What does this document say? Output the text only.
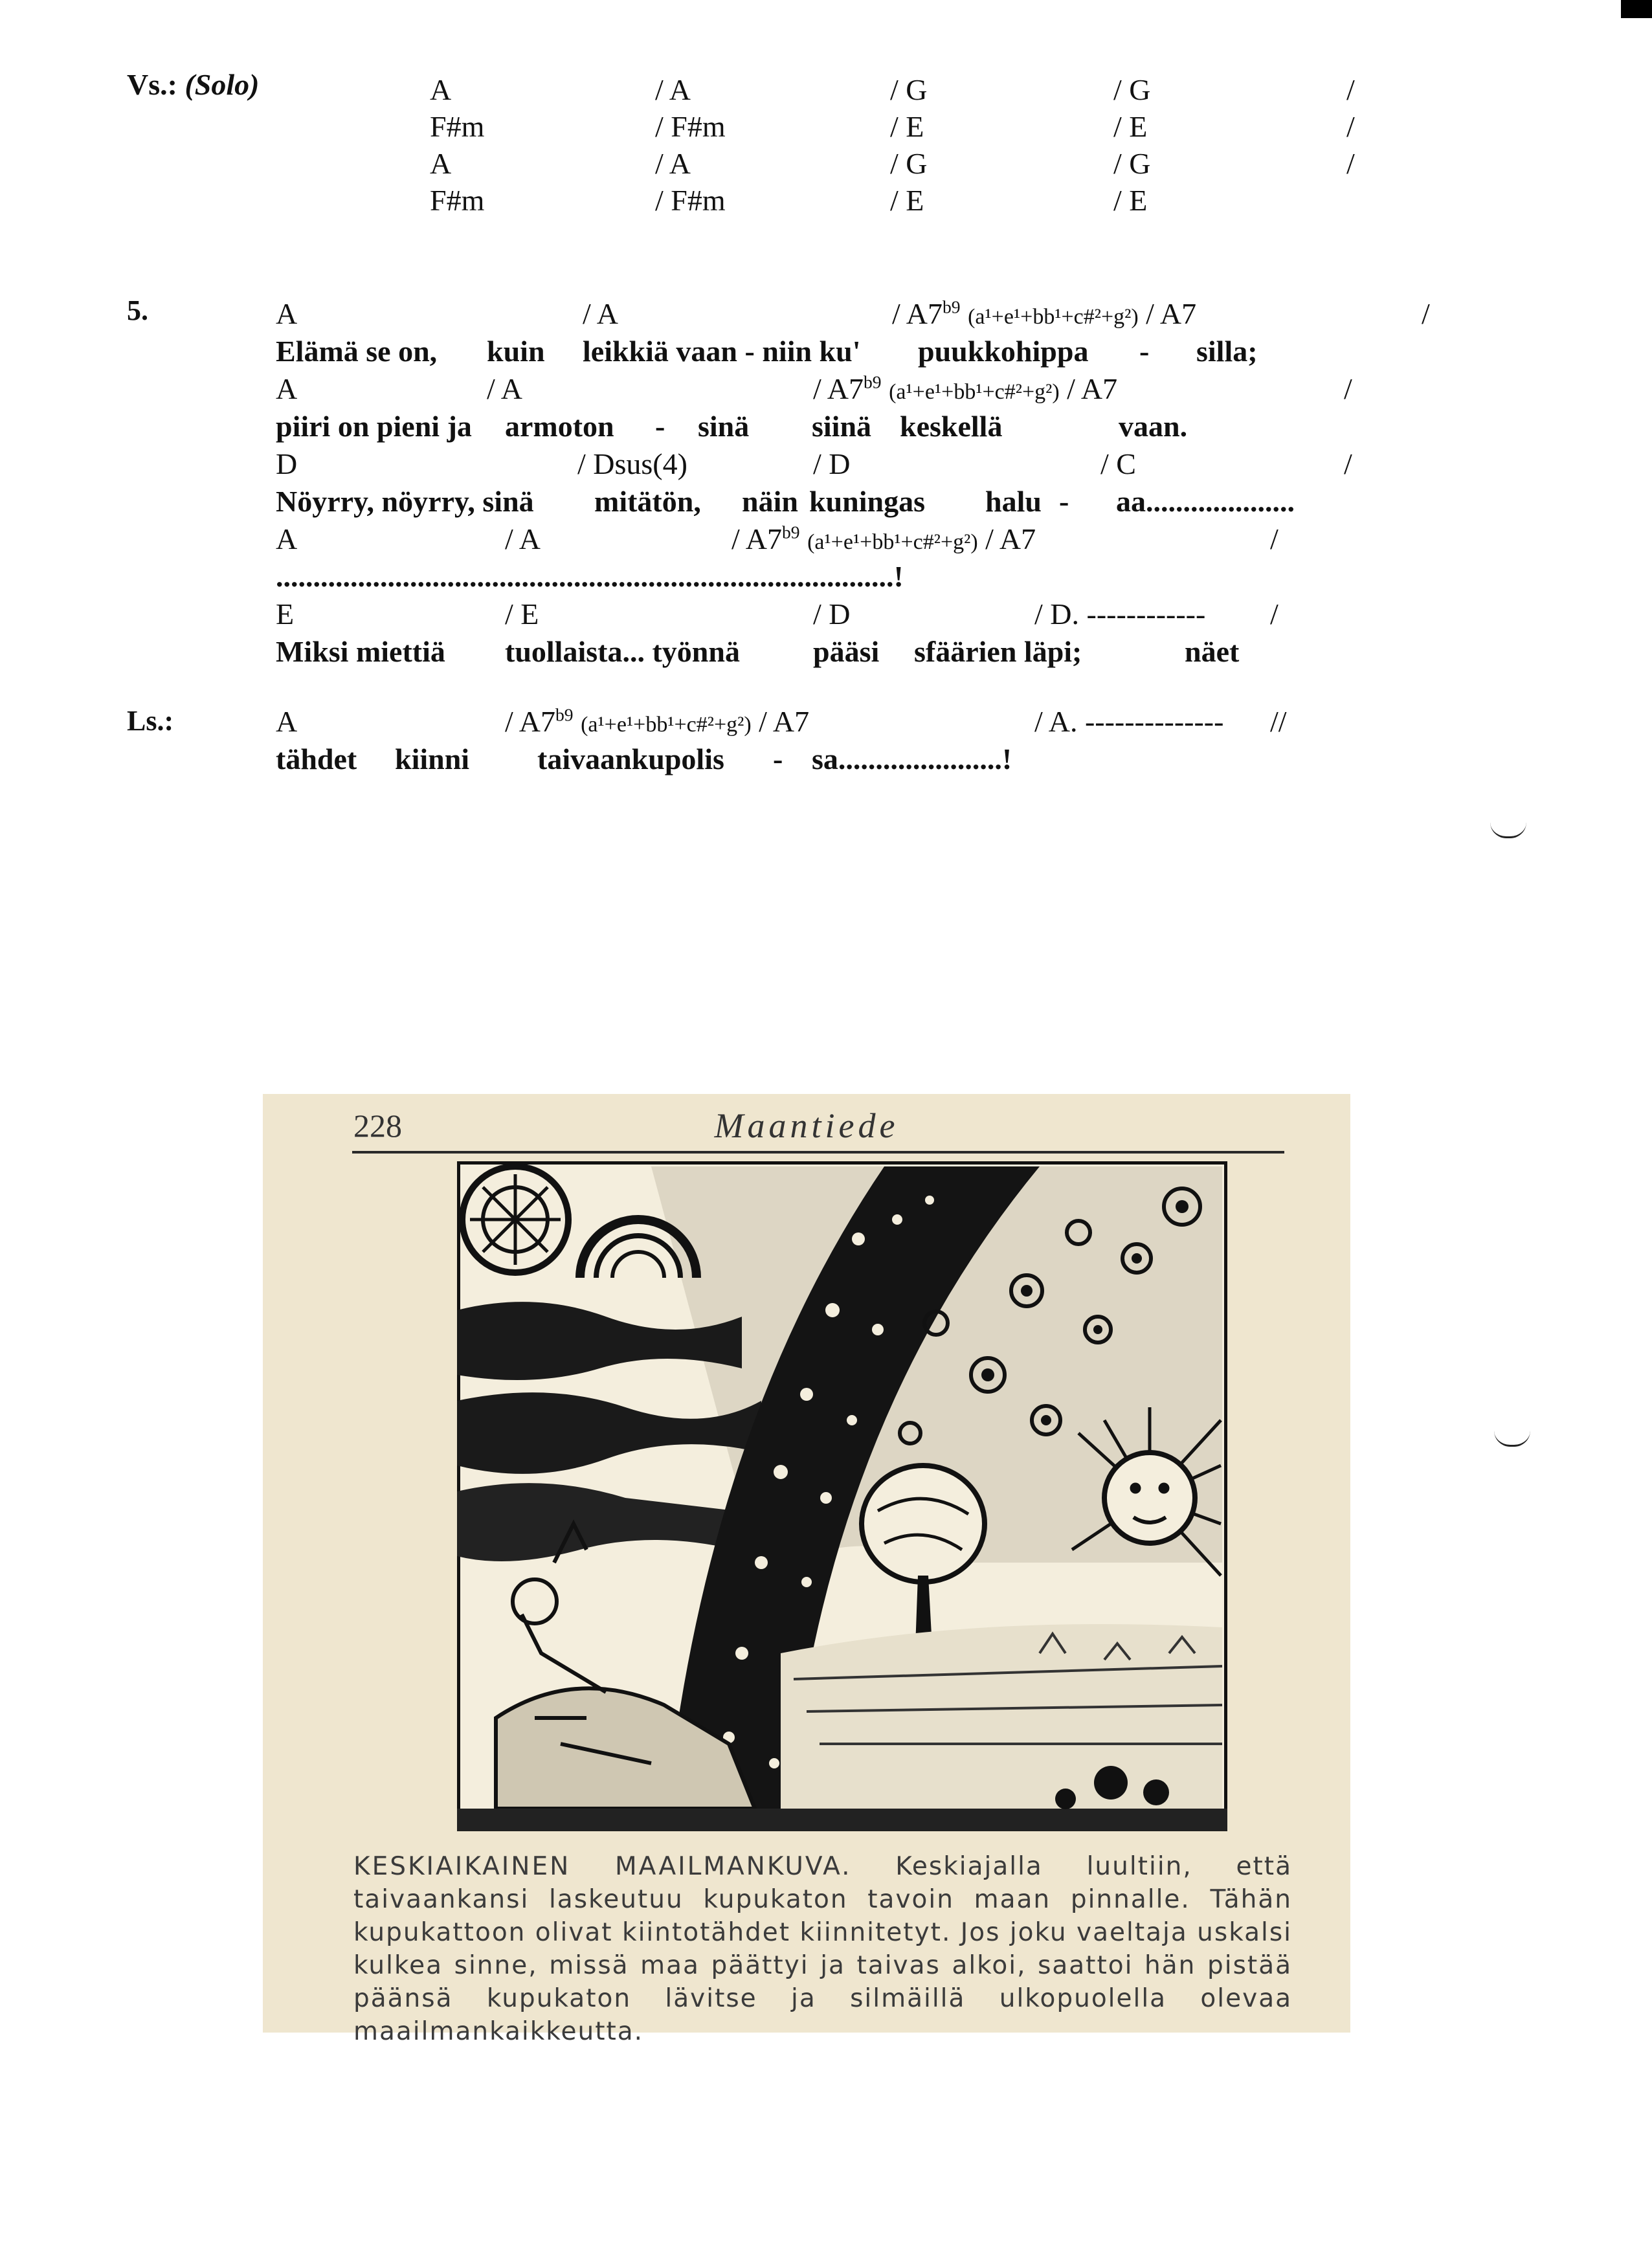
Vs.: (Solo)	A	/ A	/ G	/ G	/
F#m	/ F#m	/ E	/ E	/
A	/ A	/ G	/ G	/
F#m	/ F#m	/ E	/ E
5.	A	/ A	/ $A7^{b9}$ (a¹+e¹+bb¹+c#²+g²) / A7	/
Elämä se on, kuin leikkiä vaan - niin ku' puukkohippa - silla;
A	/ A	/ $A7^{b9}$ (a¹+e¹+bb¹+c#²+g²) / A7	/
piiri on pieni ja armoton - sinä siinä keskellä	vaan.
D	/ Dsus(4)	/ D	/ C	/
Nöyrry, nöyrry, sinä mitätön, näin kuningas halu - aa....................
A	/ A	/ $A7^{b9}$ (a¹+e¹+bb¹+c#²+g²) / A7	/
...................................................................................!
E	/ E	/ D	/ D. ------------ /
Miksi miettiä tuollaista... työnnä pääsi sfäärien läpi;	näet
Ls.:	A	/ $A7^{b9}$ (a¹+e¹+bb¹+c#²+g²) / A7	/ A. -------------- //
tähdet kiinni taivaankupolis - sa......................!
228	Maantiede
KESKIAIKAINEN MAAILMANKUVA. Keskiajalla luultiin, että taivaankansi laskeutuu kupukaton tavoin maan pinnalle. Tähän kupukattoon olivat kiintotähdet kiinnitetyt. Jos joku vaeltaja uskalsi kulkea sinne, missä maa päättyi ja taivas alkoi, saattoi hän pistää päänsä kupukaton lävitse ja silmäillä ulkopuolella olevaa maailmankaikkeutta.
